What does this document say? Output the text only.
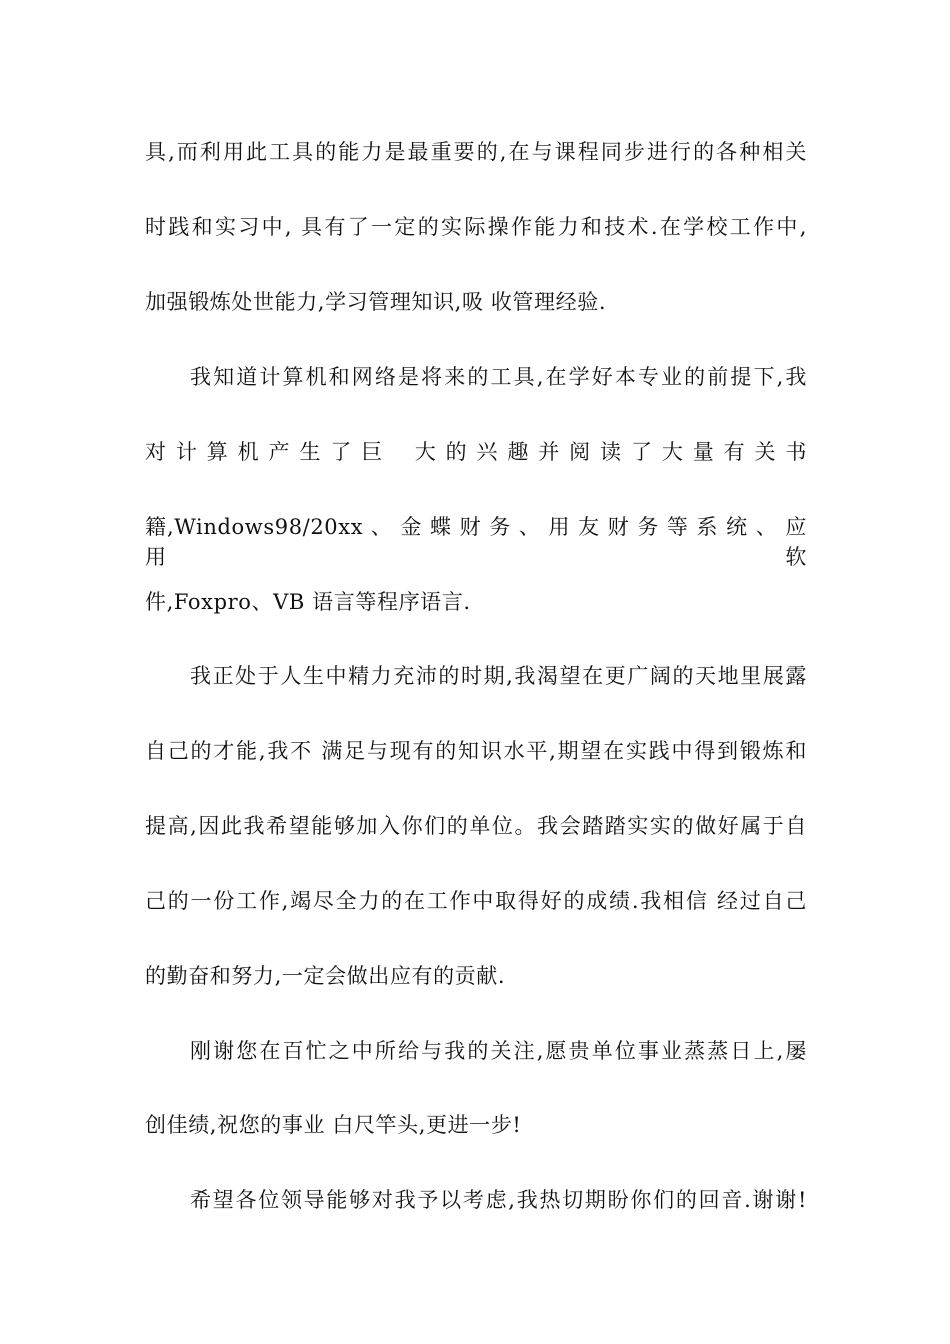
具,而利用此工具的能力是最重要的,在与课程同步进行的各种相关

时践和实习中, 具有了一定的实际操作能力和技术.在学校工作中,

加强锻炼处世能力,学习管理知识,吸 收管理经验.

我知道计算机和网络是将来的工具,在学好本专业的前提下,我

对 计 算 机 产 生 了 巨　 大 的 兴 趣 并 阅 读 了 大 量 有 关 书

籍,Windows98/20xx 、 金 蝶 财 务 、 用 友 财 务 等 系 统 、 应 用　软

件,Foxpro、VB 语言等程序语言.

我正处于人生中精力充沛的时期,我渴望在更广阔的天地里展露

自己的才能,我不 满足与现有的知识水平,期望在实践中得到锻炼和

提高,因此我希望能够加入你们的单位。我会踏踏实实的做好属于自

己的一份工作,竭尽全力的在工作中取得好的成绩.我相信 经过自己

的勤奋和努力,一定会做出应有的贡献.

刚谢您在百忙之中所给与我的关注,愿贵单位事业蒸蒸日上,屡

创佳绩,祝您的事业 白尺竿头,更进一步!

希望各位领导能够对我予以考虑,我热切期盼你们的回音.谢谢!
